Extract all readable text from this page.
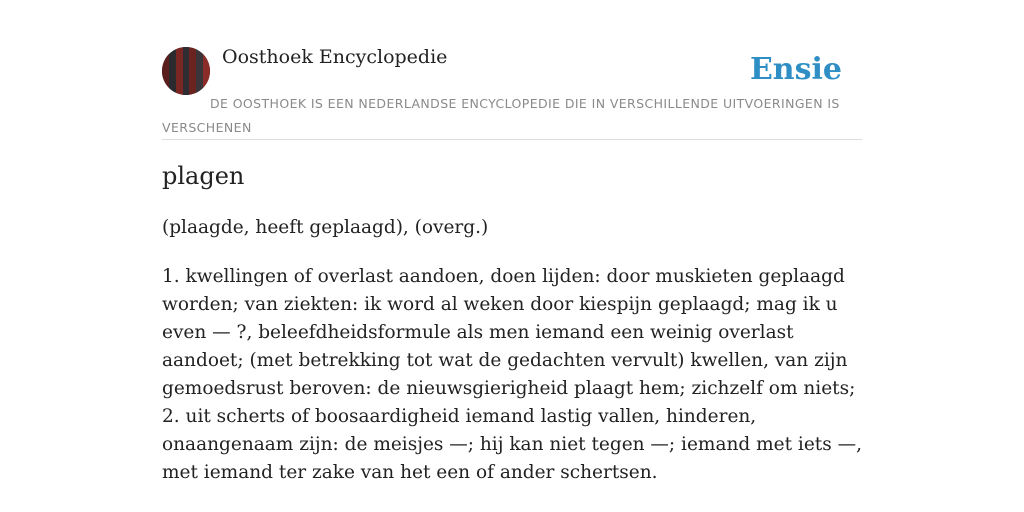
Oosthoek Encyclopedie	Ensie
DE OOSTHOEK IS EEN NEDERLANDSE ENCYCLOPEDIE DIE IN VERSCHILLENDE UITVOERINGEN IS VERSCHENEN
plagen
(plaagde, heeft geplaagd), (overg.)

1. kwellingen of overlast aandoen, doen lijden: door muskieten geplaagd worden; van ziekten: ik word al weken door kiespijn geplaagd; mag ik u even — ?, beleefdheidsformule als men iemand een weinig overlast aandoet; (met betrekking tot wat de gedachten vervult) kwellen, van zijn gemoedsrust beroven: de nieuwsgierigheid plaagt hem; zichzelf om niets;

2. uit scherts of boosaardigheid iemand lastig vallen, hinderen, onaangenaam zijn: de meisjes —; hij kan niet tegen —; iemand met iets —, met iemand ter zake van het een of ander schertsen.
